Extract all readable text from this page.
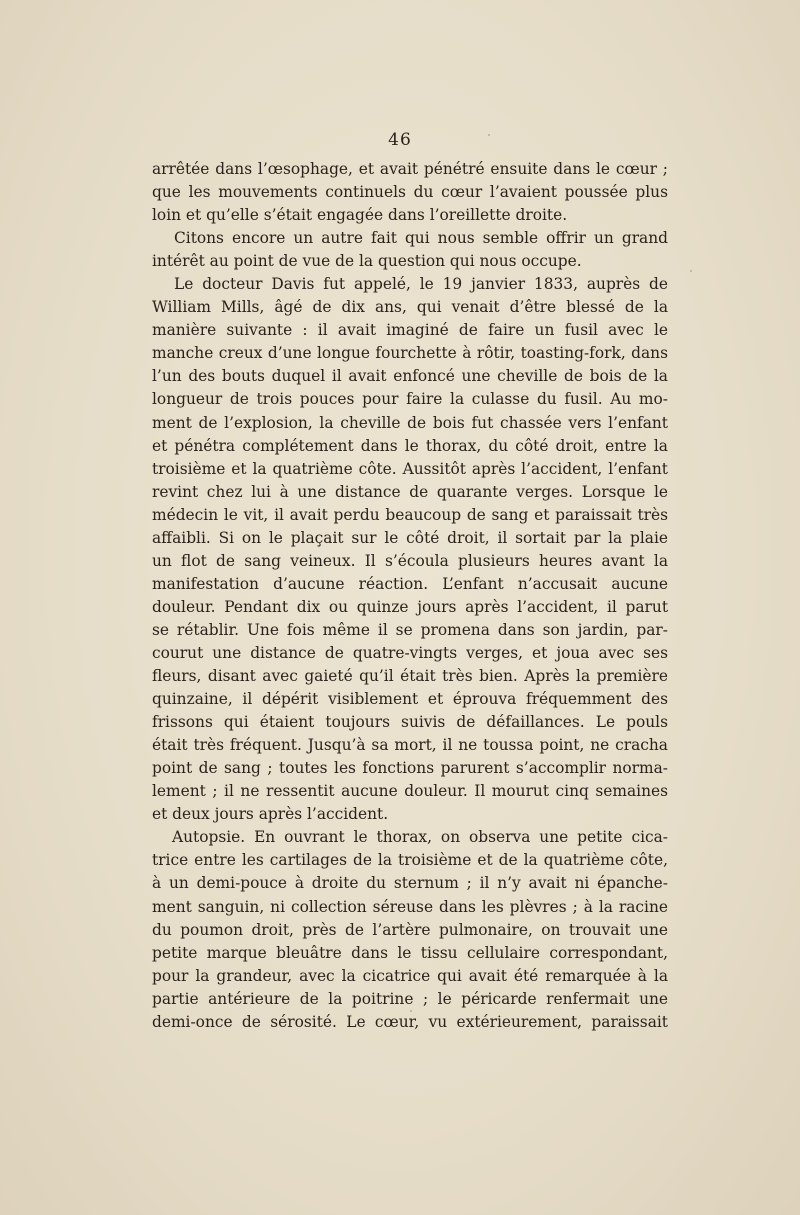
46
arrêtée dans l’œsophage, et avait pénétré ensuite dans le cœur ;
que les mouvements continuels du cœur l’avaient poussée plus
loin et qu’elle s’était engagée dans l’oreillette droite.
Citons encore un autre fait qui nous semble offrir un grand
intérêt au point de vue de la question qui nous occupe.
Le docteur Davis fut appelé, le 19 janvier 1833, auprès de
William Mills, âgé de dix ans, qui venait d’être blessé de la
manière suivante : il avait imaginé de faire un fusil avec le
manche creux d’une longue fourchette à rôtir, toasting-fork, dans
l’un des bouts duquel il avait enfoncé une cheville de bois de la
longueur de trois pouces pour faire la culasse du fusil. Au mo-
ment de l’explosion, la cheville de bois fut chassée vers l’enfant
et pénétra complétement dans le thorax, du côté droit, entre la
troisième et la quatrième côte. Aussitôt après l’accident, l’enfant
revint chez lui à une distance de quarante verges. Lorsque le
médecin le vit, il avait perdu beaucoup de sang et paraissait très
affaibli. Si on le plaçait sur le côté droit, il sortait par la plaie
un flot de sang veineux. Il s’écoula plusieurs heures avant la
manifestation d’aucune réaction. L’enfant n’accusait aucune
douleur. Pendant dix ou quinze jours après l’accident, il parut
se rétablir. Une fois même il se promena dans son jardin, par-
courut une distance de quatre-vingts verges, et joua avec ses
fleurs, disant avec gaieté qu’il était très bien. Après la première
quinzaine, il dépérit visiblement et éprouva fréquemment des
frissons qui étaient toujours suivis de défaillances. Le pouls
était très fréquent. Jusqu’à sa mort, il ne toussa point, ne cracha
point de sang ; toutes les fonctions parurent s’accomplir norma-
lement ; il ne ressentit aucune douleur. Il mourut cinq semaines
et deux jours après l’accident.
Autopsie. En ouvrant le thorax, on observa une petite cica-
trice entre les cartilages de la troisième et de la quatrième côte,
à un demi-pouce à droite du sternum ; il n’y avait ni épanche-
ment sanguin, ni collection séreuse dans les plèvres ; à la racine
du poumon droit, près de l’artère pulmonaire, on trouvait une
petite marque bleuâtre dans le tissu cellulaire correspondant,
pour la grandeur, avec la cicatrice qui avait été remarquée à la
partie antérieure de la poitrine ; le péricarde renfermait une
demi-once de sérosité. Le cœur, vu extérieurement, paraissait
